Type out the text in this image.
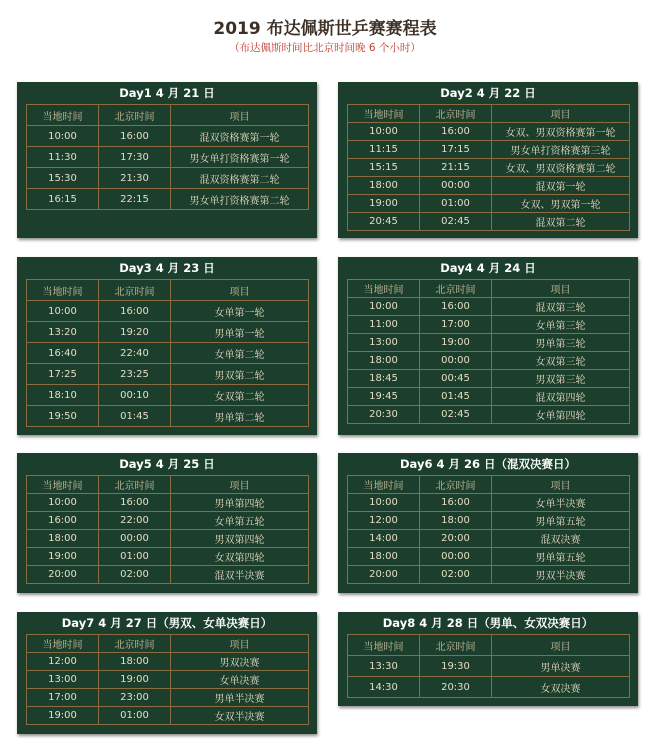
2019 布达佩斯世乒赛赛程表
（布达佩斯时间比北京时间晚 6 个小时）
Day1 4 月 21 日
当地时间	北京时间	项目
10:00	16:00	混双资格赛第一轮
11:30	17:30	男女单打资格赛第一轮
15:30	21:30	混双资格赛第二轮
16:15	22:15	男女单打资格赛第二轮
Day2 4 月 22 日
当地时间	北京时间	项目
10:00	16:00	女双、男双资格赛第一轮
11:15	17:15	男女单打资格赛第三轮
15:15	21:15	女双、男双资格赛第二轮
18:00	00:00	混双第一轮
19:00	01:00	女双、男双第一轮
20:45	02:45	混双第二轮
Day3 4 月 23 日
当地时间	北京时间	项目
10:00	16:00	女单第一轮
13:20	19:20	男单第一轮
16:40	22:40	女单第二轮
17:25	23:25	男双第二轮
18:10	00:10	女双第二轮
19:50	01:45	男单第二轮
Day4 4 月 24 日
当地时间	北京时间	项目
10:00	16:00	混双第三轮
11:00	17:00	女单第三轮
13:00	19:00	男单第三轮
18:00	00:00	女双第三轮
18:45	00:45	男双第三轮
19:45	01:45	混双第四轮
20:30	02:45	女单第四轮
Day5 4 月 25 日
当地时间	北京时间	项目
10:00	16:00	男单第四轮
16:00	22:00	女单第五轮
18:00	00:00	男双第四轮
19:00	01:00	女双第四轮
20:00	02:00	混双半决赛
Day6 4 月 26 日（混双决赛日）
当地时间	北京时间	项目
10:00	16:00	女单半决赛
12:00	18:00	男单第五轮
14:00	20:00	混双决赛
18:00	00:00	男单第五轮
20:00	02:00	男双半决赛
Day7 4 月 27 日（男双、女单决赛日）
当地时间	北京时间	项目
12:00	18:00	男双决赛
13:00	19:00	女单决赛
17:00	23:00	男单半决赛
19:00	01:00	女双半决赛
Day8 4 月 28 日（男单、女双决赛日）
当地时间	北京时间	项目
13:30	19:30	男单决赛
14:30	20:30	女双决赛
